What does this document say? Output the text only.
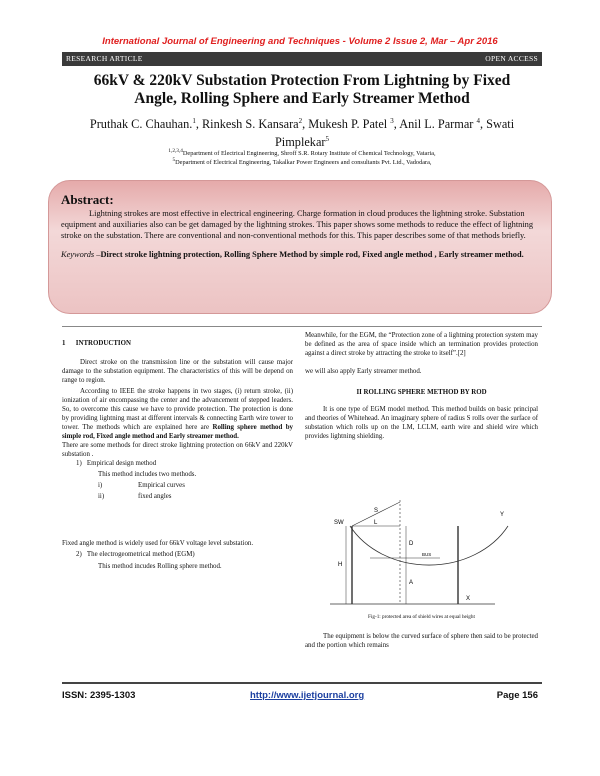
International Journal of Engineering and Techniques - Volume 2 Issue 2, Mar – Apr 2016
RESEARCH ARTICLE	OPEN ACCESS
66kV & 220kV Substation Protection From Lightning by Fixed
Angle, Rolling Sphere and Early Streamer Method
Pruthak C. Chauhan.$^1$, Rinkesh S. Kansara$^2$, Mukesh P. Patel $^3$, Anil L. Parmar $^4$, Swati Pimplekar$^5$
$^{1,2,3,4}$Department of Electrical Engineering, Shroff S.R. Rotary Institute of Chemical Technology, Vataria,
$^5$Department of Electrical Engineering, Takalkar Power Engineers and consultants Pvt. Ltd., Vadodara,
Abstract:
Lightning strokes are most effective in electrical engineering. Charge formation in cloud produces the lightning stroke. Substation equipment and auxiliaries also can be get damaged by the lightning strokes. This paper shows some methods to reduce the effect of lightning stroke on the substation. There are conventional and non-conventional methods for this. This paper describes some of that methods briefly.
Keywords –Direct stroke lightning protection, Rolling Sphere Method by simple rod, Fixed angle method , Early streamer method.

1 INTRODUCTION

Direct stroke on the transmission line or the substation will cause major damage to the substation equipment. The characteristics of this will be depend on range to region.

According to IEEE the stroke happens in two stages, (i) return stroke, (ii) ionization of air encompassing the center and the advancement of stepped leaders. So, to overcome this cause we have to provide protection. The protection is done by providing lightning mast at different intervals & connecting Earth wire tower to tower. The methods which are explained here are Rolling sphere method by simple rod, Fixed angle method and Early streamer method.

There are some methods for direct stroke lightning protection on 66kV and 220kV substation .

1) Empirical design method

This method includes two methods.

i)	Empirical curves

ii)	fixed angles

Fixed angle method is widely used for 66kV voltage level substation.

2) The electrogeometrical method (EGM)

This method incudes Rolling sphere method.

Meanwhile, for the EGM, the “Protection zone of a lightning protection system may be defined as the area of space inside which an termination provides protection against a direct stroke by attracting the stroke to itself”.[2]

we will also apply Early streamer method.

II ROLLING SPHERE METHOD BY ROD

It is one type of EGM model method. This method builds on basic principal and theories of Whitehead. An imaginary sphere of radius S rolls over the surface of substation which rolls up on the LM, LCLM, earth wire and shield wire which provides lightning shielding.

SW
S
L
D
H
BUS
A
X
Y
Fig-1: protected area of shield wires at equal height

The equipment is below the curved surface of sphere then said to be protected and the portion which remains

ISSN: 2395-1303	http://www.ijetjournal.org	Page 156
